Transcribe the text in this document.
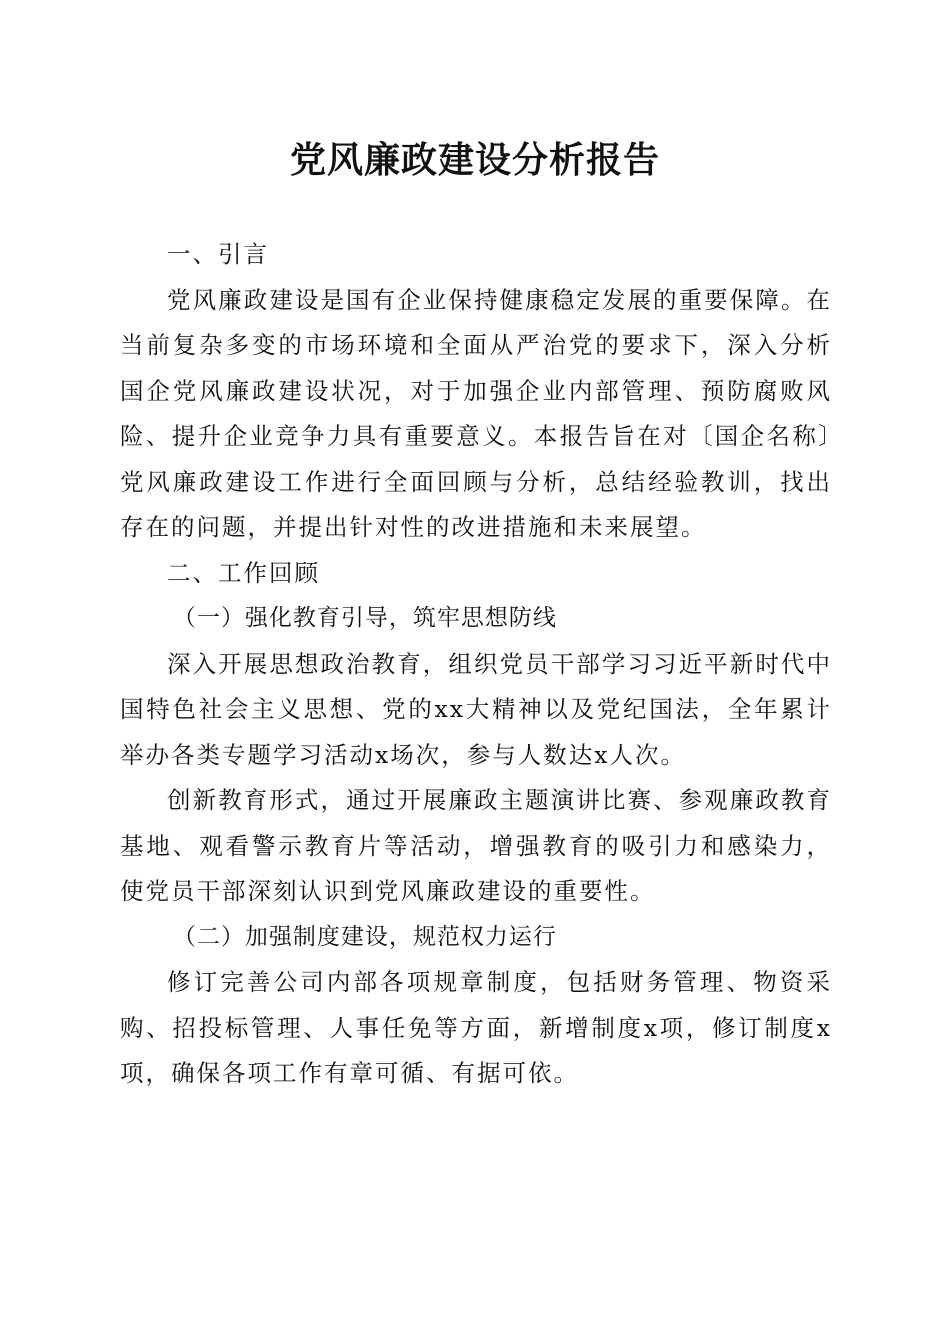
党风廉政建设分析报告
一、引言

党风廉政建设是国有企业保持健康稳定发展的重要保障。在当前复杂多变的市场环境和全面从严治党的要求下，深入分析国企党风廉政建设状况，对于加强企业内部管理、预防腐败风险、提升企业竞争力具有重要意义。本报告旨在对〔国企名称〕党风廉政建设工作进行全面回顾与分析，总结经验教训，找出存在的问题，并提出针对性的改进措施和未来展望。

二、工作回顾
（一）强化教育引导，筑牢思想防线

深入开展思想政治教育，组织党员干部学习习近平新时代中国特色社会主义思想、党的xx大精神以及党纪国法，全年累计举办各类专题学习活动x场次，参与人数达x人次。

创新教育形式，通过开展廉政主题演讲比赛、参观廉政教育基地、观看警示教育片等活动，增强教育的吸引力和感染力，使党员干部深刻认识到党风廉政建设的重要性。

（二）加强制度建设，规范权力运行

修订完善公司内部各项规章制度，包括财务管理、物资采购、招投标管理、人事任免等方面，新增制度x项，修订制度x项，确保各项工作有章可循、有据可依。
